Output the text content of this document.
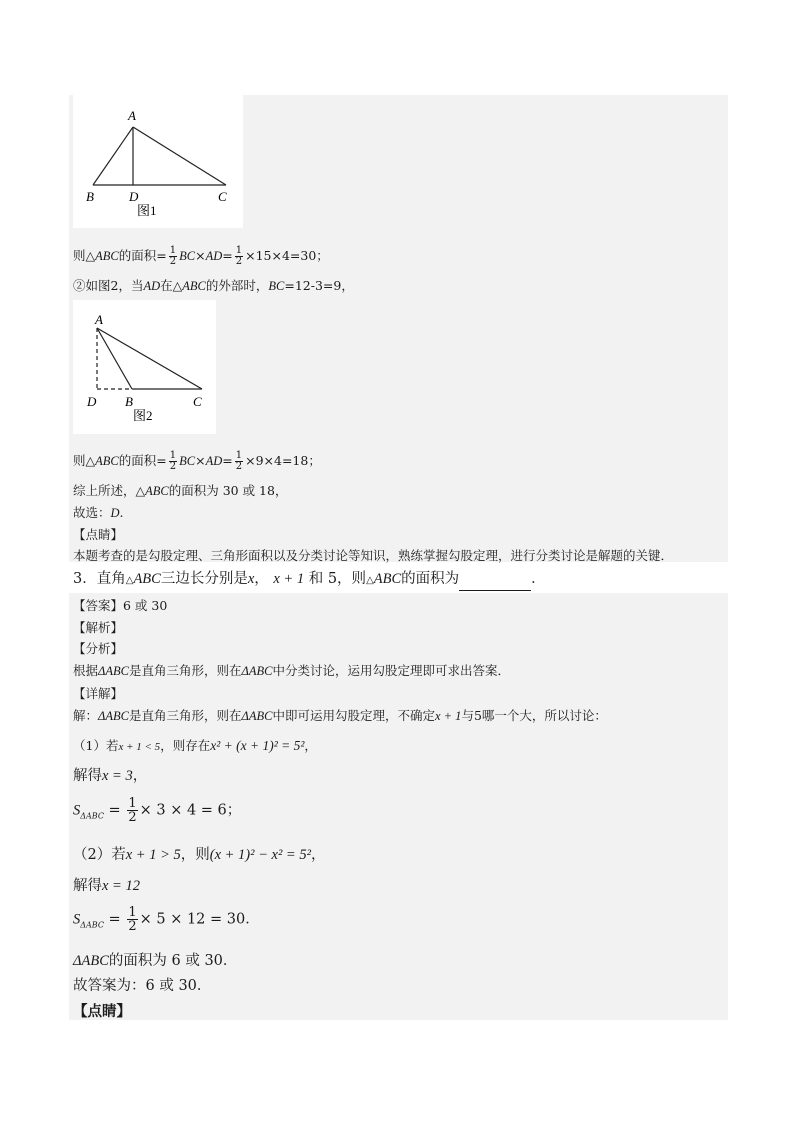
A
B	D	C
图1
则△ABC的面积= $\frac{1}{2} BC\times AD= \frac{1}{2} \times 15\times 4=30$；
②如图2，当AD在△ABC的外部时，BC=12-3=9，
A
D B	C
图2
则△ABC的面积= $\frac{1}{2} BC\times AD= \frac{1}{2} \times 9\times 4=18$；
综上所述，△ABC的面积为 30 或 18，
故选：D.
【点睛】
本题考查的是勾股定理、三角形面积以及分类讨论等知识，熟练掌握勾股定理，进行分类讨论是解题的关键．
3．直角△ABC三边长分别是x， x + 1 和 5，则△ABC的面积为	．
【答案】6 或 30
【解析】
【分析】
根据ΔABC是直角三角形，则在ΔABC中分类讨论，运用勾股定理即可求出答案．
【详解】
解：ΔABC是直角三角形，则在ΔABC中即可运用勾股定理，不确定x + 1与5哪一个大，所以讨论：
（1）若x + 1 < 5，则存在x² + (x + 1)² = 5²，
解得x = 3，
$S_{\Delta ABC} = \frac{1}{2} \times 3 \times 4 = 6$；
（2）若x + 1 > 5，则(x + 1)² − x² = 5²，
解得x = 12
$S_{\Delta ABC} = \frac{1}{2} \times 5 \times 12 = 30$．
ΔABC的面积为 6 或 30．
故答案为：6 或 30．
【点睛】
